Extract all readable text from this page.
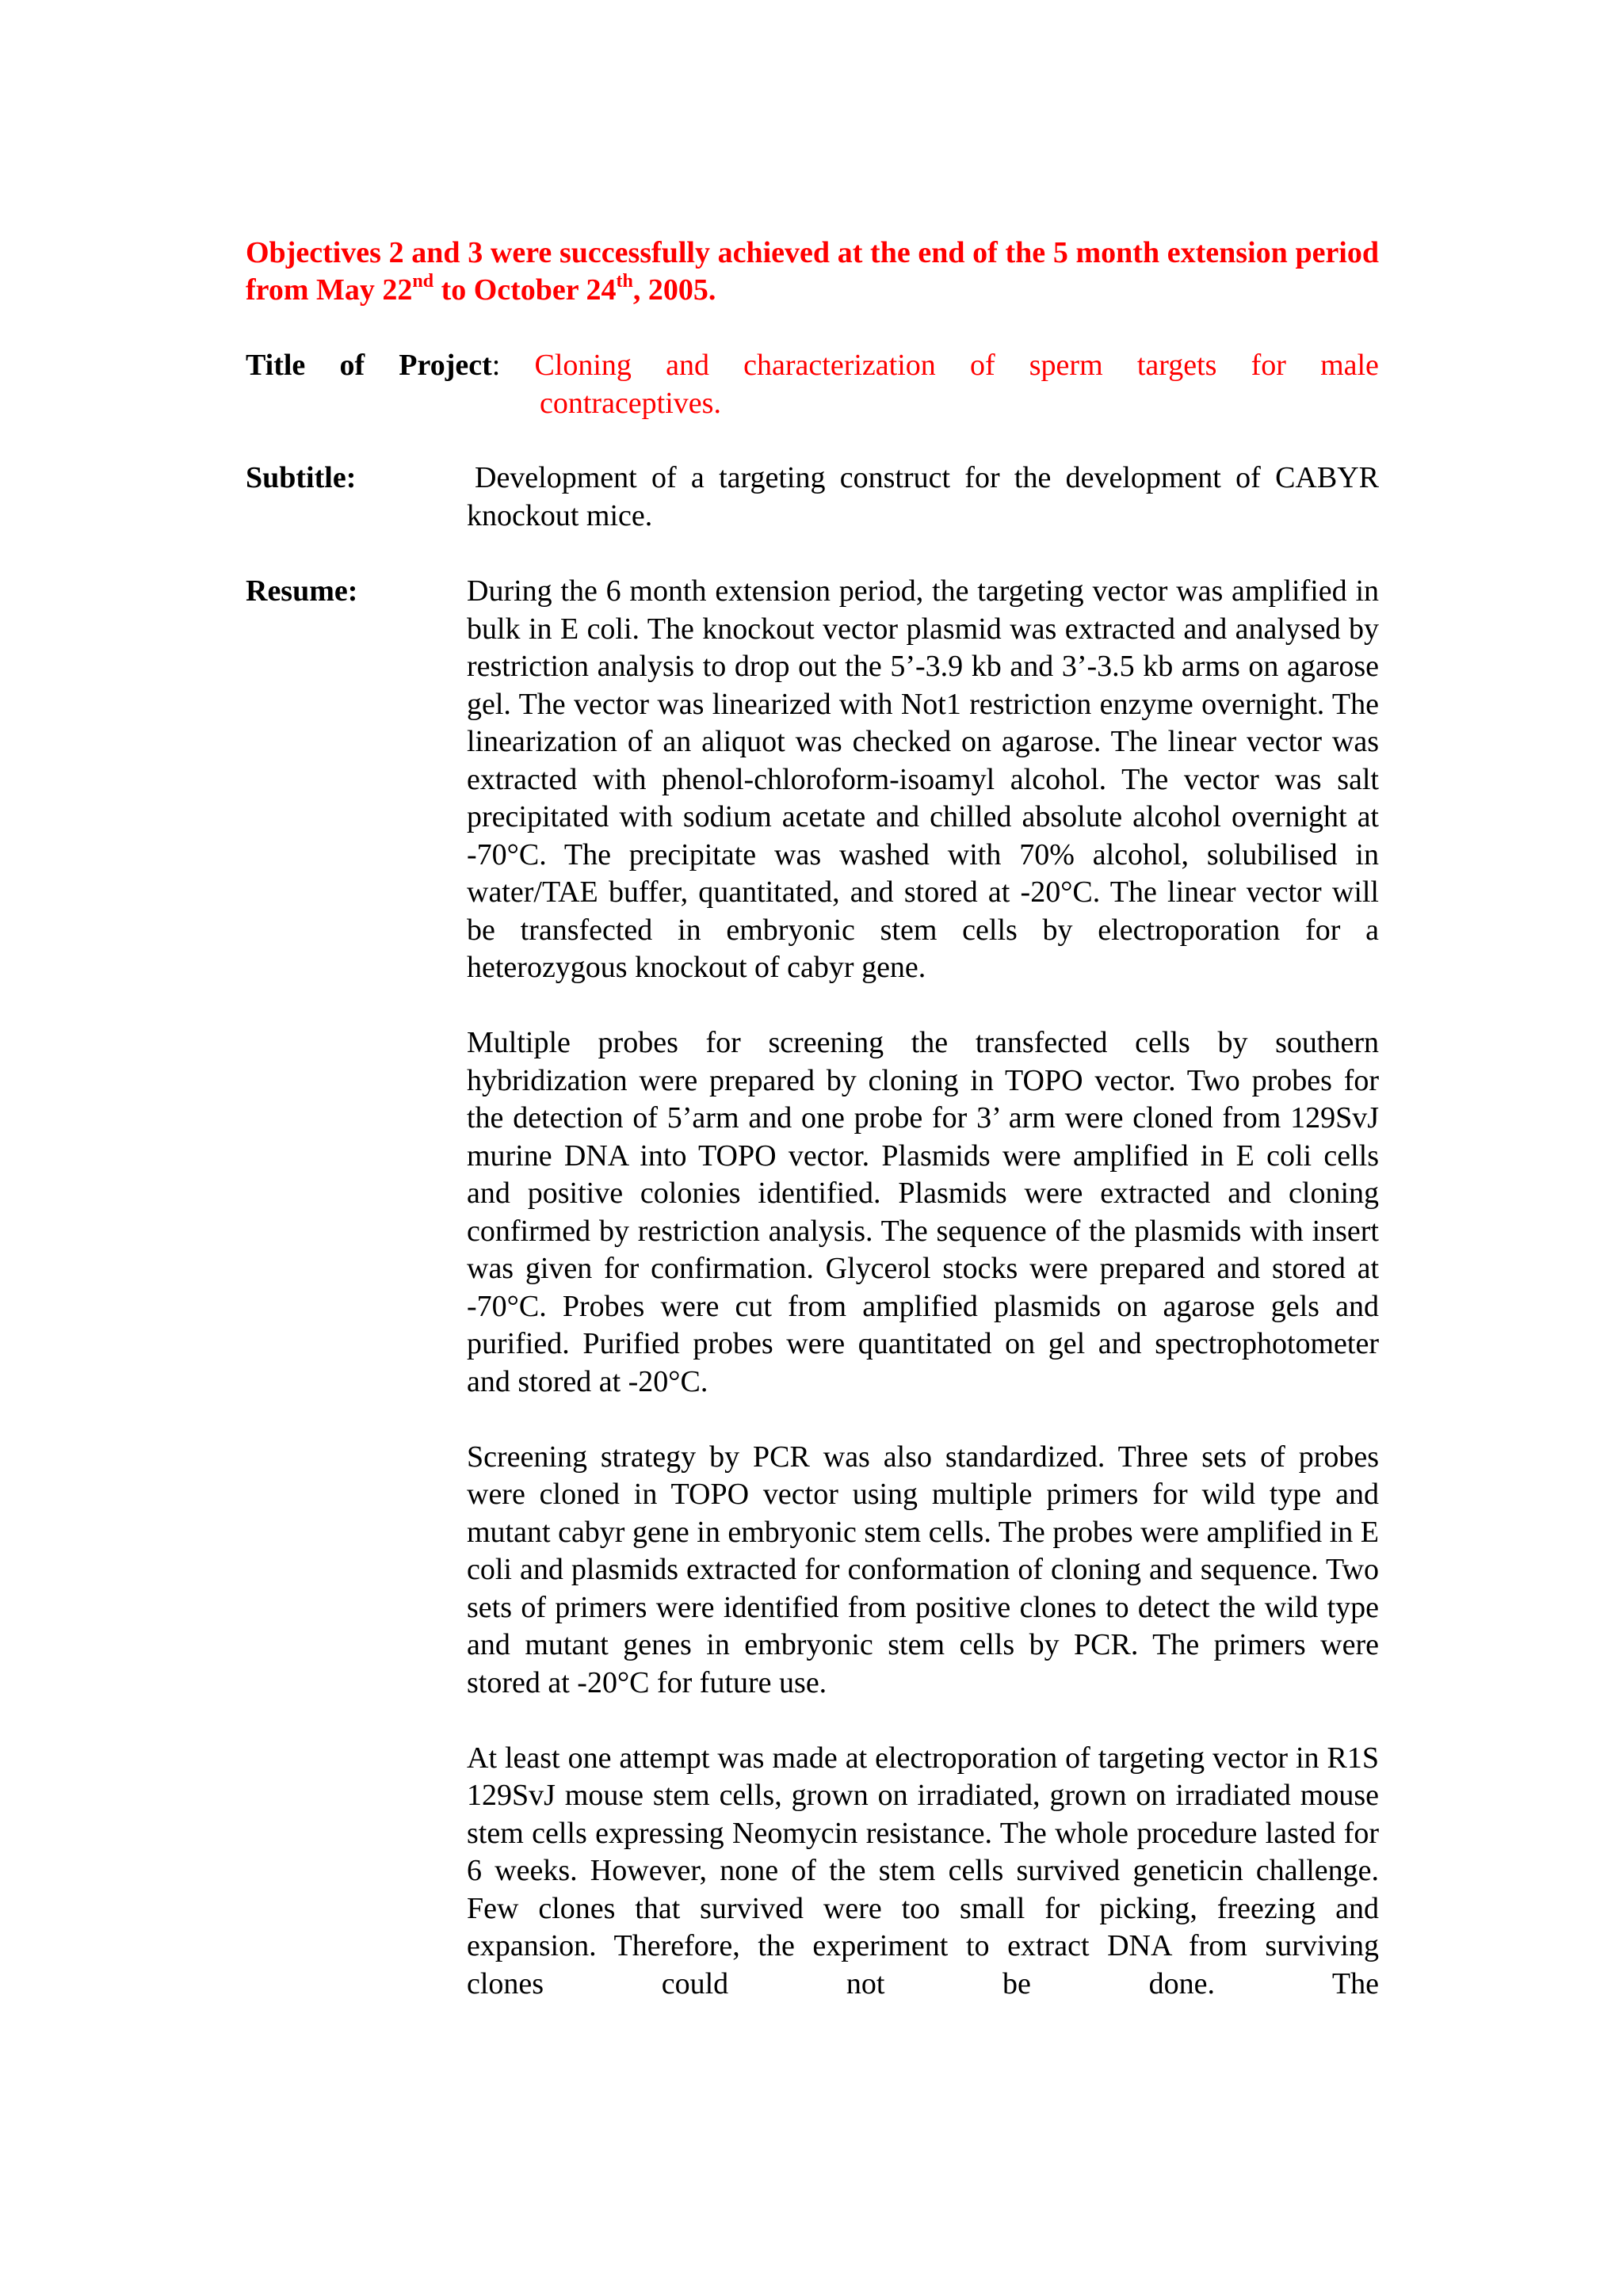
Objectives 2 and 3 were successfully achieved at the end of the 5 month extension period from May 22nd to October 24th, 2005.
Title of Project: Cloning and characterization of sperm targets for male
contraceptives.
Subtitle:	Development of a targeting construct for the development of CABYR knockout mice.
Resume:	During the 6 month extension period, the targeting vector was amplified in bulk in E coli. The knockout vector plasmid was extracted and analysed by restriction analysis to drop out the 5’-3.9 kb and 3’-3.5 kb arms on agarose gel. The vector was linearized with Not1 restriction enzyme overnight. The linearization of an aliquot was checked on agarose. The linear vector was extracted with phenol-chloroform-isoamyl alcohol. The vector was salt precipitated with sodium acetate and chilled absolute alcohol overnight at -70°C. The precipitate was washed with 70% alcohol, solubilised in water/TAE buffer, quantitated, and stored at -20°C. The linear vector will be transfected in embryonic stem cells by electroporation for a heterozygous knockout of cabyr gene.

Multiple probes for screening the transfected cells by southern hybridization were prepared by cloning in TOPO vector. Two probes for the detection of 5’arm and one probe for 3’ arm were cloned from 129SvJ murine DNA into TOPO vector. Plasmids were amplified in E coli cells and positive colonies identified. Plasmids were extracted and cloning confirmed by restriction analysis. The sequence of the plasmids with insert was given for confirmation. Glycerol stocks were prepared and stored at -70°C. Probes were cut from amplified plasmids on agarose gels and purified. Purified probes were quantitated on gel and spectrophotometer and stored at -20°C.

Screening strategy by PCR was also standardized. Three sets of probes were cloned in TOPO vector using multiple primers for wild type and mutant cabyr gene in embryonic stem cells. The probes were amplified in E coli and plasmids extracted for conformation of cloning and sequence. Two sets of primers were identified from positive clones to detect the wild type and mutant genes in embryonic stem cells by PCR. The primers were stored at -20°C for future use.

At least one attempt was made at electroporation of targeting vector in R1S 129SvJ mouse stem cells, grown on irradiated, grown on irradiated mouse stem cells expressing Neomycin resistance. The whole procedure lasted for 6 weeks. However, none of the stem cells survived geneticin challenge. Few clones that survived were too small for picking, freezing and expansion. Therefore, the experiment to extract DNA from surviving clones could not be done. The
